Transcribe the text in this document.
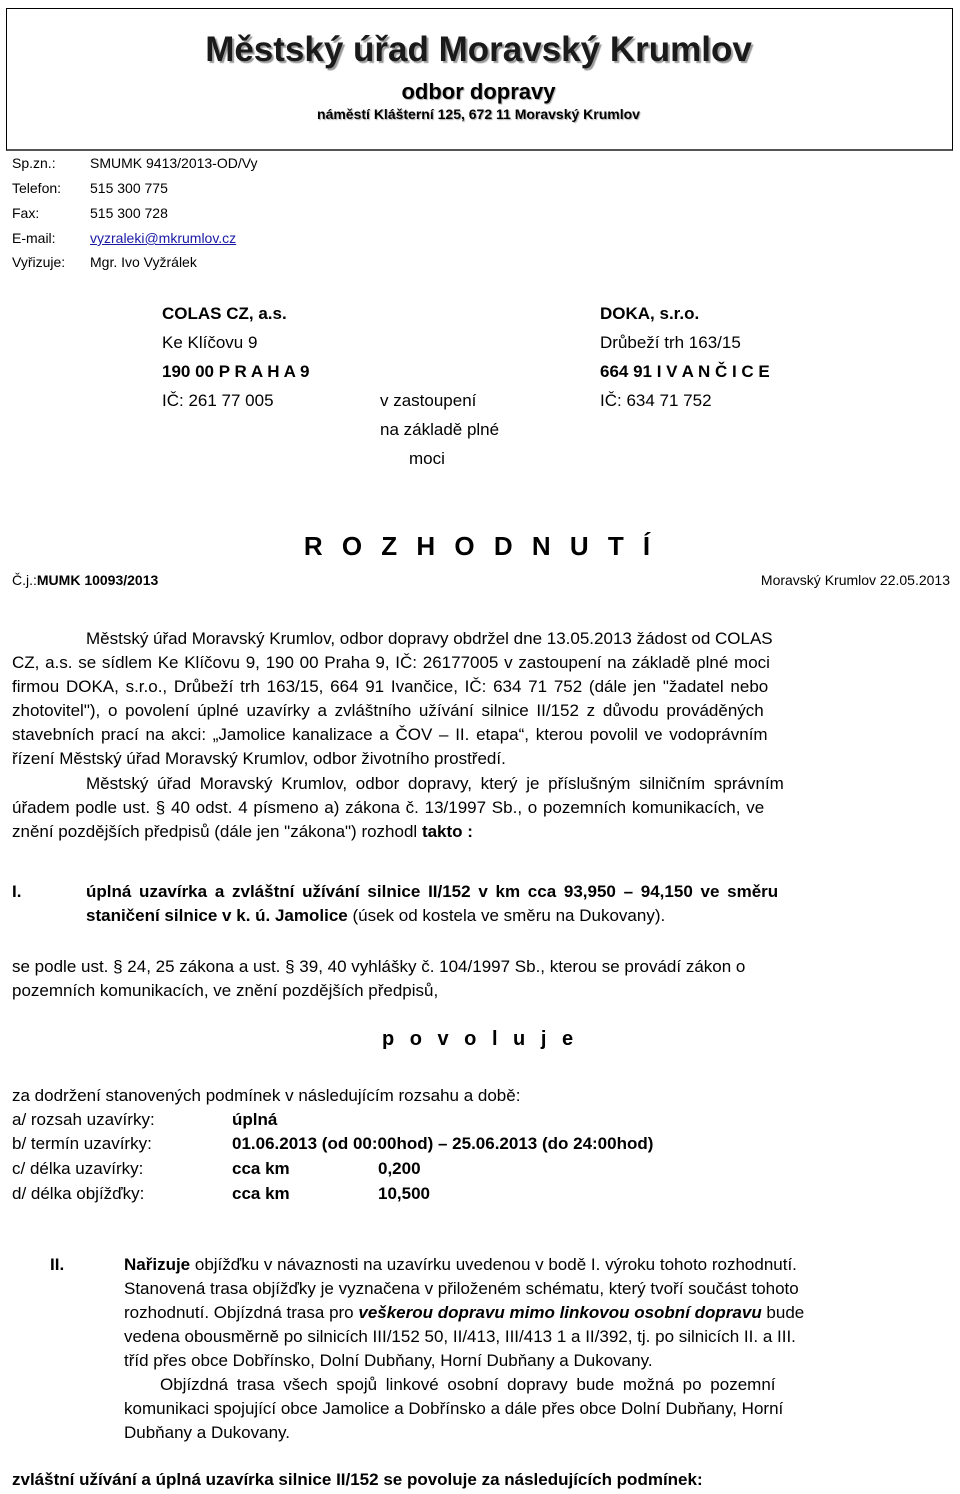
Městský úřad Moravský Krumlov
odbor dopravy
náměstí Klášterní 125, 672 11 Moravský Krumlov
Sp.zn.: SMUMK 9413/2013-OD/Vy
Telefon: 515 300 775
Fax:	515 300 728
E-mail: vyzraleki@mkrumlov.cz
Vyřizuje: Mgr. Ivo Vyžrálek
COLAS CZ, a.s.
Ke Klíčovu 9
190 00 P R A H A 9
IČ: 261 77 005	v zastoupení
na základě plné
moci
DOKA, s.r.o.
Drůbeží trh 163/15
664 91 I V A N Č I C E
IČ: 634 71 752
R O Z H O D N U T Í
Č.j.:MUMK 10093/2013	Moravský Krumlov 22.05.2013
Městský úřad Moravský Krumlov, odbor dopravy obdržel dne 13.05.2013 žádost od COLAS
CZ, a.s. se sídlem Ke Klíčovu 9, 190 00 Praha 9, IČ: 26177005 v zastoupení na základě plné moci
firmou DOKA, s.r.o., Drůbeží trh 163/15, 664 91 Ivančice, IČ: 634 71 752 (dále jen "žadatel nebo
zhotovitel"), o povolení úplné uzavírky a zvláštního užívání silnice II/152 z důvodu prováděných
stavebních prací na akci: „Jamolice kanalizace a ČOV – II. etapa“, kterou povolil ve vodoprávním
řízení Městský úřad Moravský Krumlov, odbor životního prostředí.
Městský úřad Moravský Krumlov, odbor dopravy, který je příslušným silničním správním
úřadem podle ust. § 40 odst. 4 písmeno a) zákona č. 13/1997 Sb., o pozemních komunikacích, ve
znění pozdějších předpisů (dále jen "zákona") rozhodl takto :
I.	úplná uzavírka a zvláštní užívání silnice II/152 v km cca 93,950 – 94,150 ve směru
staničení silnice v k. ú. Jamolice (úsek od kostela ve směru na Dukovany).
se podle ust. § 24, 25 zákona a ust. § 39, 40 vyhlášky č. 104/1997 Sb., kterou se provádí zákon o
pozemních komunikacích, ve znění pozdějších předpisů,
p o v o l u j e
za dodržení stanovených podmínek v následujícím rozsahu a době:
a/ rozsah uzavírky:	úplná
b/ termín uzavírky:	01.06.2013 (od 00:00hod) – 25.06.2013 (do 24:00hod)
c/ délka uzavírky:	cca km	0,200
d/ délka objížďky:	cca km	10,500
II.	Nařizuje objížďku v návaznosti na uzavírku uvedenou v bodě I. výroku tohoto rozhodnutí.
Stanovená trasa objížďky je vyznačena v přiloženém schématu, který tvoří součást tohoto
rozhodnutí. Objízdná trasa pro veškerou dopravu mimo linkovou osobní dopravu bude
vedena obousměrně po silnicích III/152 50, II/413, III/413 1 a II/392, tj. po silnicích II. a III.
tříd přes obce Dobřínsko, Dolní Dubňany, Horní Dubňany a Dukovany.
Objízdná trasa všech spojů linkové osobní dopravy bude možná po pozemní
komunikaci spojující obce Jamolice a Dobřínsko a dále přes obce Dolní Dubňany, Horní
Dubňany a Dukovany.
zvláštní užívání a úplná uzavírka silnice II/152 se povoluje za následujících podmínek:
